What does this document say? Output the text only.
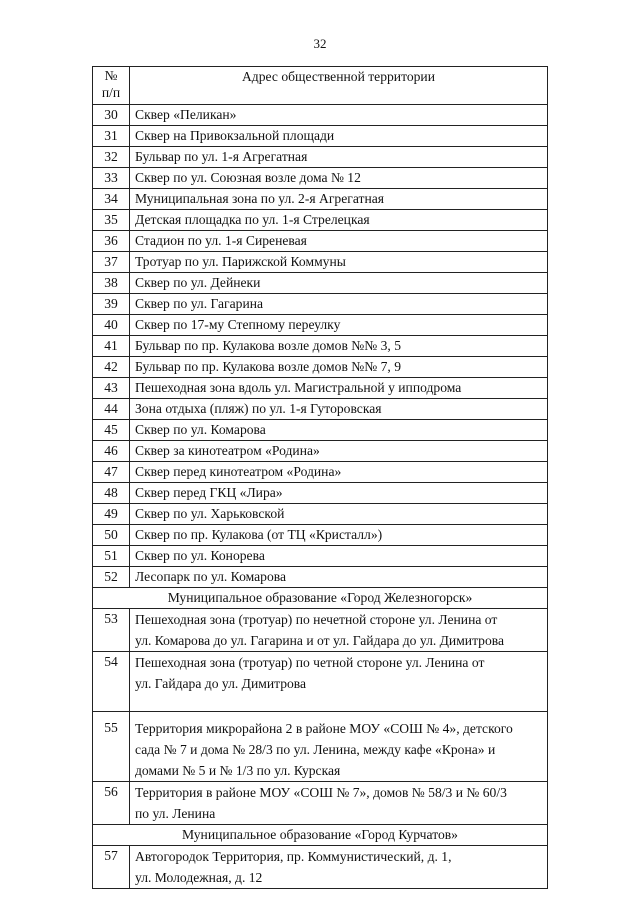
32
№
п/п	Адрес общественной территории
30	Сквер «Пеликан»
31	Сквер на Привокзальной площади
32	Бульвар по ул. 1-я Агрегатная
33	Сквер по ул. Союзная возле дома № 12
34	Муниципальная зона по ул. 2-я Агрегатная
35	Детская площадка по ул. 1-я Стрелецкая
36	Стадион по ул. 1-я Сиреневая
37	Тротуар по ул. Парижской Коммуны
38	Сквер по ул. Дейнеки
39	Сквер по ул. Гагарина
40	Сквер по 17-му Степному переулку
41	Бульвар по пр. Кулакова возле домов №№ 3, 5
42	Бульвар по пр. Кулакова возле домов №№ 7, 9
43	Пешеходная зона вдоль ул. Магистральной у ипподрома
44	Зона отдыха (пляж) по ул. 1-я Гуторовская
45	Сквер по ул. Комарова
46	Сквер за кинотеатром «Родина»
47	Сквер перед кинотеатром «Родина»
48	Сквер перед ГКЦ «Лира»
49	Сквер по ул. Харьковской
50	Сквер по пр. Кулакова (от ТЦ «Кристалл»)
51	Сквер по ул. Конорева
52	Лесопарк по ул. Комарова
Муниципальное образование «Город Железногорск»	
53	Пешеходная зона (тротуар) по нечетной стороне ул. Ленина от
ул. Комарова до ул. Гагарина и от ул. Гайдара до ул. Димитрова

54	Пешеходная зона (тротуар) по четной стороне ул. Ленина от
ул. Гайдара до ул. Димитрова

55	Территория микрорайона 2 в районе МОУ «СОШ № 4», детского
сада № 7 и дома № 28/3 по ул. Ленина, между кафе «Крона» и
домами № 5 и № 1/3 по ул. Курская

56	Территория в районе МОУ «СОШ № 7», домов № 58/3 и № 60/3
по ул. Ленина

Муниципальное образование «Город Курчатов»	
57	Автогородок Территория, пр. Коммунистический, д. 1,
ул. Молодежная, д. 12
